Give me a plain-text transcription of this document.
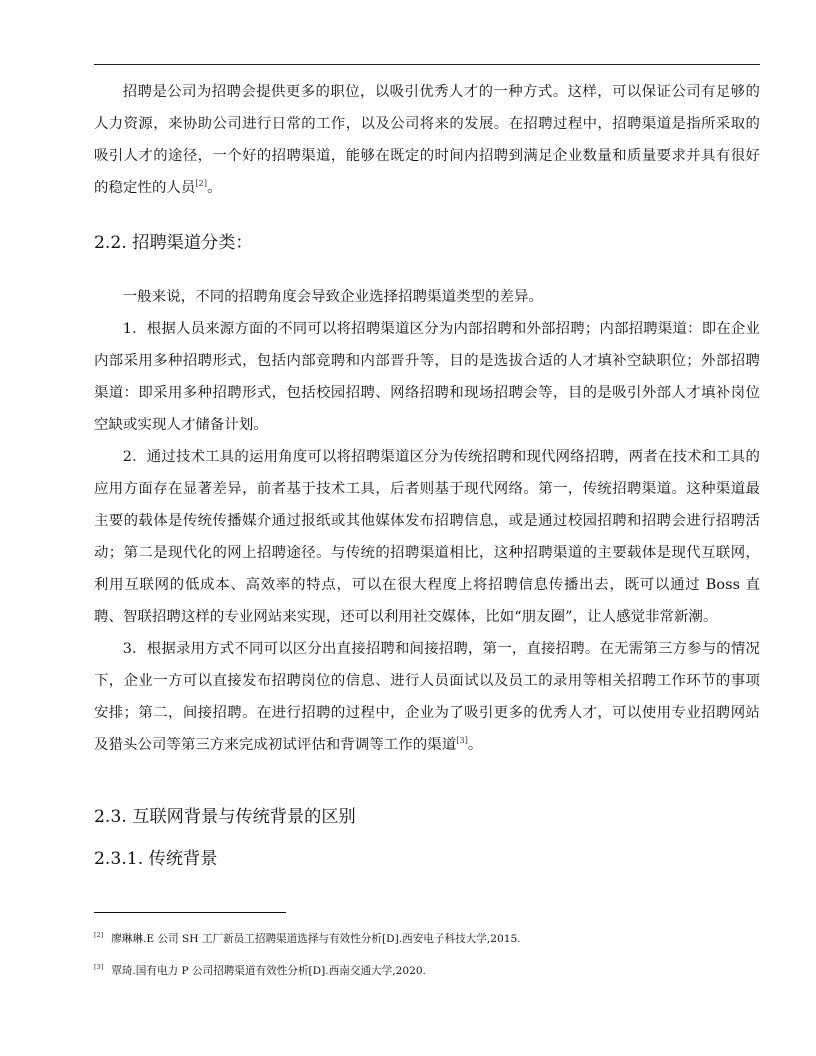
招聘是公司为招聘会提供更多的职位，以吸引优秀人才的一种方式。这样，可以保证公司有足够的人力资源，来协助公司进行日常的工作，以及公司将来的发展。在招聘过程中，招聘渠道是指所采取的吸引人才的途径，一个好的招聘渠道，能够在既定的时间内招聘到满足企业数量和质量要求并具有很好的稳定性的人员[2]。

2.2. 招聘渠道分类：

一般来说，不同的招聘角度会导致企业选择招聘渠道类型的差异。

1．根据人员来源方面的不同可以将招聘渠道区分为内部招聘和外部招聘；内部招聘渠道：即在企业内部采用多种招聘形式，包括内部竞聘和内部晋升等，目的是选拔合适的人才填补空缺职位；外部招聘渠道：即采用多种招聘形式，包括校园招聘、网络招聘和现场招聘会等，目的是吸引外部人才填补岗位空缺或实现人才储备计划。

2．通过技术工具的运用角度可以将招聘渠道区分为传统招聘和现代网络招聘，两者在技术和工具的应用方面存在显著差异，前者基于技术工具，后者则基于现代网络。第一，传统招聘渠道。这种渠道最主要的载体是传统传播媒介通过报纸或其他媒体发布招聘信息，或是通过校园招聘和招聘会进行招聘活动；第二是现代化的网上招聘途径。与传统的招聘渠道相比，这种招聘渠道的主要载体是现代互联网，利用互联网的低成本、高效率的特点，可以在很大程度上将招聘信息传播出去，既可以通过 Boss 直聘、智联招聘这样的专业网站来实现，还可以利用社交媒体，比如“朋友圈”，让人感觉非常新潮。

3．根据录用方式不同可以区分出直接招聘和间接招聘，第一，直接招聘。在无需第三方参与的情况下，企业一方可以直接发布招聘岗位的信息、进行人员面试以及员工的录用等相关招聘工作环节的事项安排；第二，间接招聘。在进行招聘的过程中，企业为了吸引更多的优秀人才，可以使用专业招聘网站及猎头公司等第三方来完成初试评估和背调等工作的渠道[3]。

2.3. 互联网背景与传统背景的区别
2.3.1. 传统背景

[2] 廖琳琳.E 公司 SH 工厂新员工招聘渠道选择与有效性分析[D].西安电子科技大学,2015.

[3] 覃琦.国有电力 P 公司招聘渠道有效性分析[D].西南交通大学,2020.
